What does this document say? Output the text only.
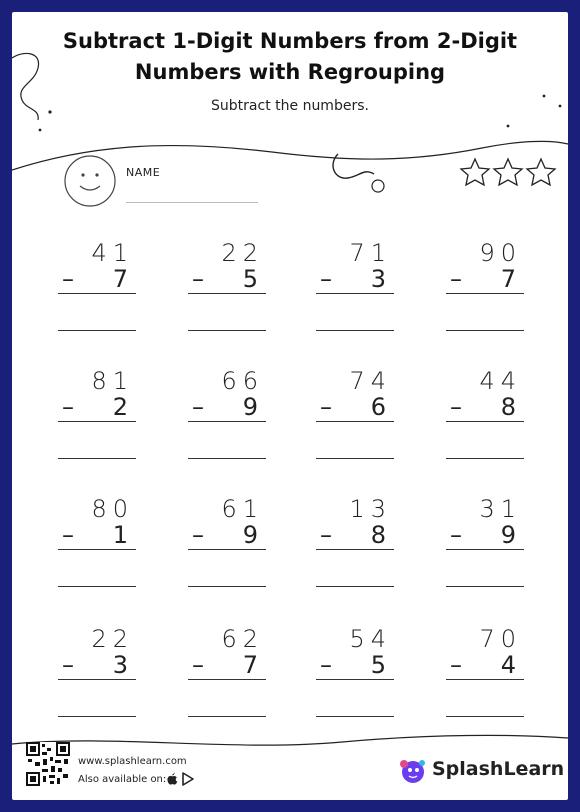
Subtract 1-Digit Numbers from 2-Digit
Numbers with Regrouping
Subtract the numbers.
NAME
41
– 7
22
– 5
71
– 3
90
– 7
81
– 2
66
– 9
74
– 6
44
– 8
80
– 1
61
– 9
13
– 8
31
– 9
22
– 3
62
– 7
54
– 5
70
– 4
www.splashlearn.com
Also available on:	SplashLearn
